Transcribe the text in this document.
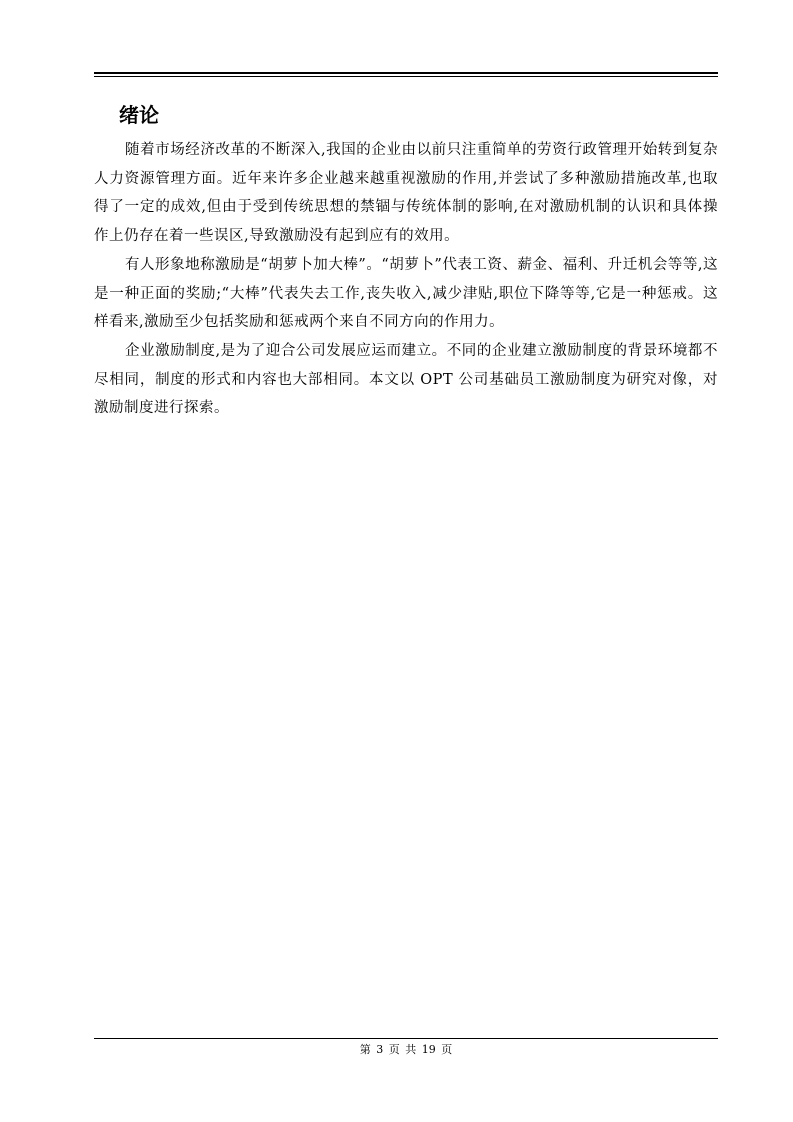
绪论

随着市场经济改革的不断深入,我国的企业由以前只注重简单的劳资行政管理开始转到复杂人力资源管理方面。近年来许多企业越来越重视激励的作用,并尝试了多种激励措施改革,也取得了一定的成效,但由于受到传统思想的禁锢与传统体制的影响,在对激励机制的认识和具体操作上仍存在着一些误区,导致激励没有起到应有的效用。

有人形象地称激励是“胡萝卜加大棒”。“胡萝卜”代表工资、薪金、福利、升迁机会等等,这是一种正面的奖励;“大棒”代表失去工作,丧失收入,减少津贴,职位下降等等,它是一种惩戒。这样看来,激励至少包括奖励和惩戒两个来自不同方向的作用力。

企业激励制度,是为了迎合公司发展应运而建立。不同的企业建立激励制度的背景环境都不尽相同，制度的形式和内容也大部相同。本文以 OPT 公司基础员工激励制度为研究对像，对激励制度进行探索。

第 3 页 共 19 页
